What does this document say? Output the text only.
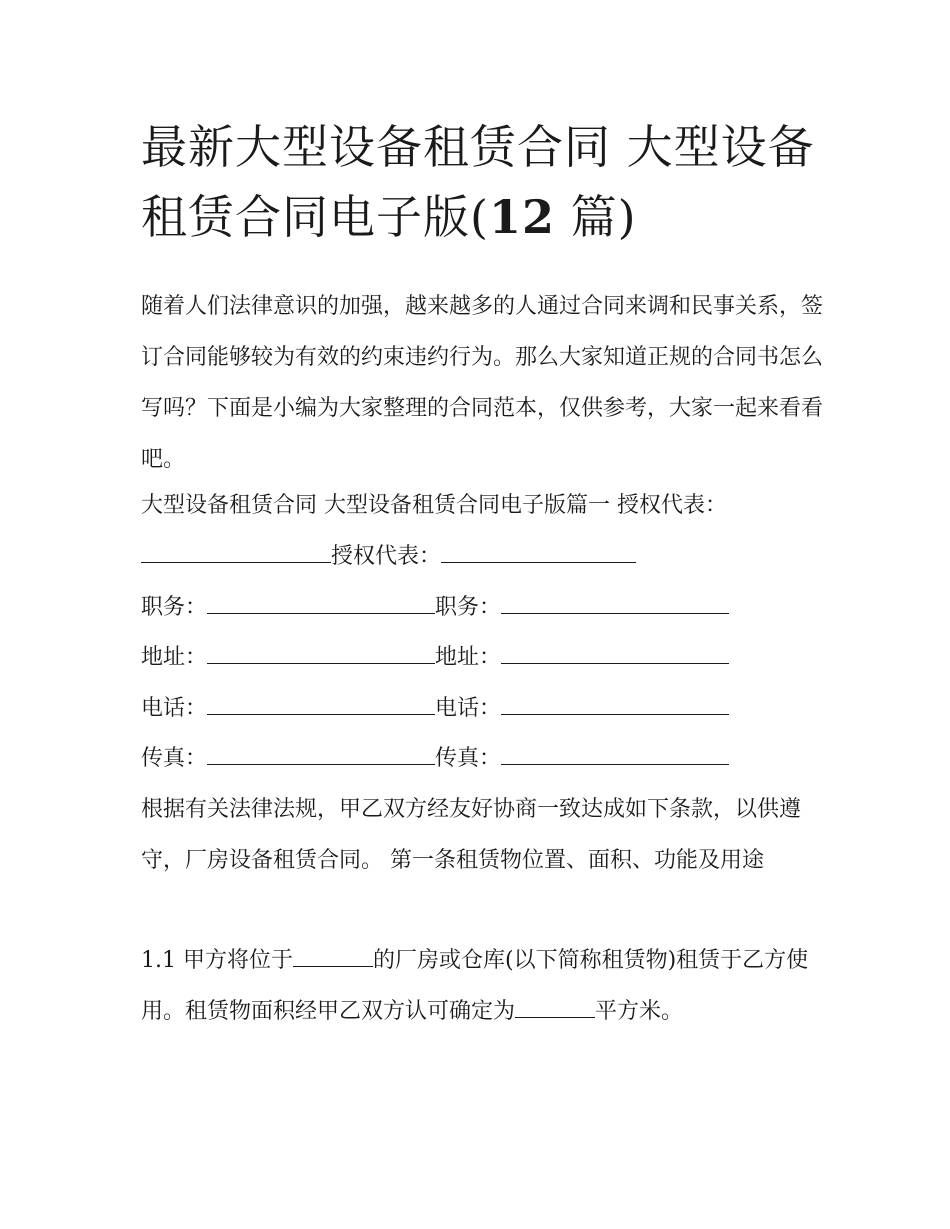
最新大型设备租赁合同 大型设备租赁合同电子版(12 篇)

随着人们法律意识的加强，越来越多的人通过合同来调和民事关系，签订合同能够较为有效的约束违约行为。那么大家知道正规的合同书怎么写吗？下面是小编为大家整理的合同范本，仅供参考，大家一起来看看吧。

大型设备租赁合同 大型设备租赁合同电子版篇一 授权代表：
授权代表：

职务：	职务：

地址：	地址：

电话：	电话：

传真：	传真：

根据有关法律法规，甲乙双方经友好协商一致达成如下条款，以供遵守，厂房设备租赁合同。 第一条租赁物位置、面积、功能及用途

1.1 甲方将位于	的厂房或仓库(以下简称租赁物)租赁于乙方使用。租赁物面积经甲乙双方认可确定为	平方米。
